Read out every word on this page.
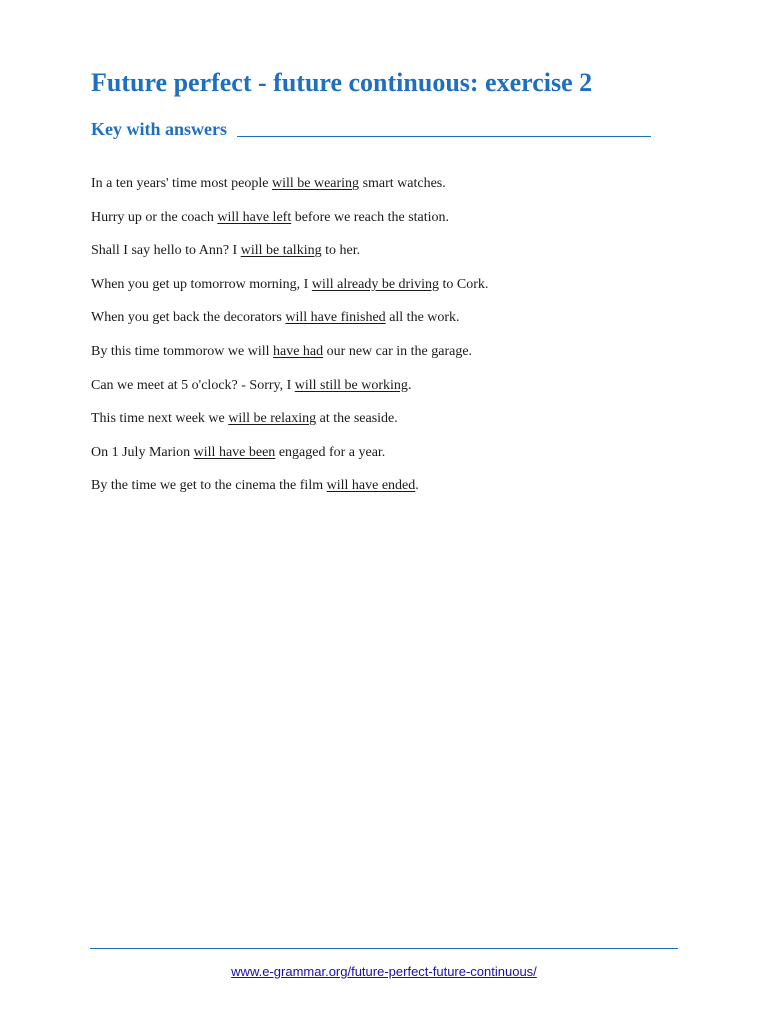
Future perfect - future continuous: exercise 2
Key with answers
In a ten years' time most people will be wearing smart watches.
Hurry up or the coach will have left before we reach the station.
Shall I say hello to Ann? I will be talking to her.
When you get up tomorrow morning, I will already be driving to Cork.
When you get back the decorators will have finished all the work.
By this time tommorow we will have had our new car in the garage.
Can we meet at 5 o'clock? - Sorry, I will still be working.
This time next week we will be relaxing at the seaside.
On 1 July Marion will have been engaged for a year.
By the time we get to the cinema the film will have ended.
www.e-grammar.org/future-perfect-future-continuous/
